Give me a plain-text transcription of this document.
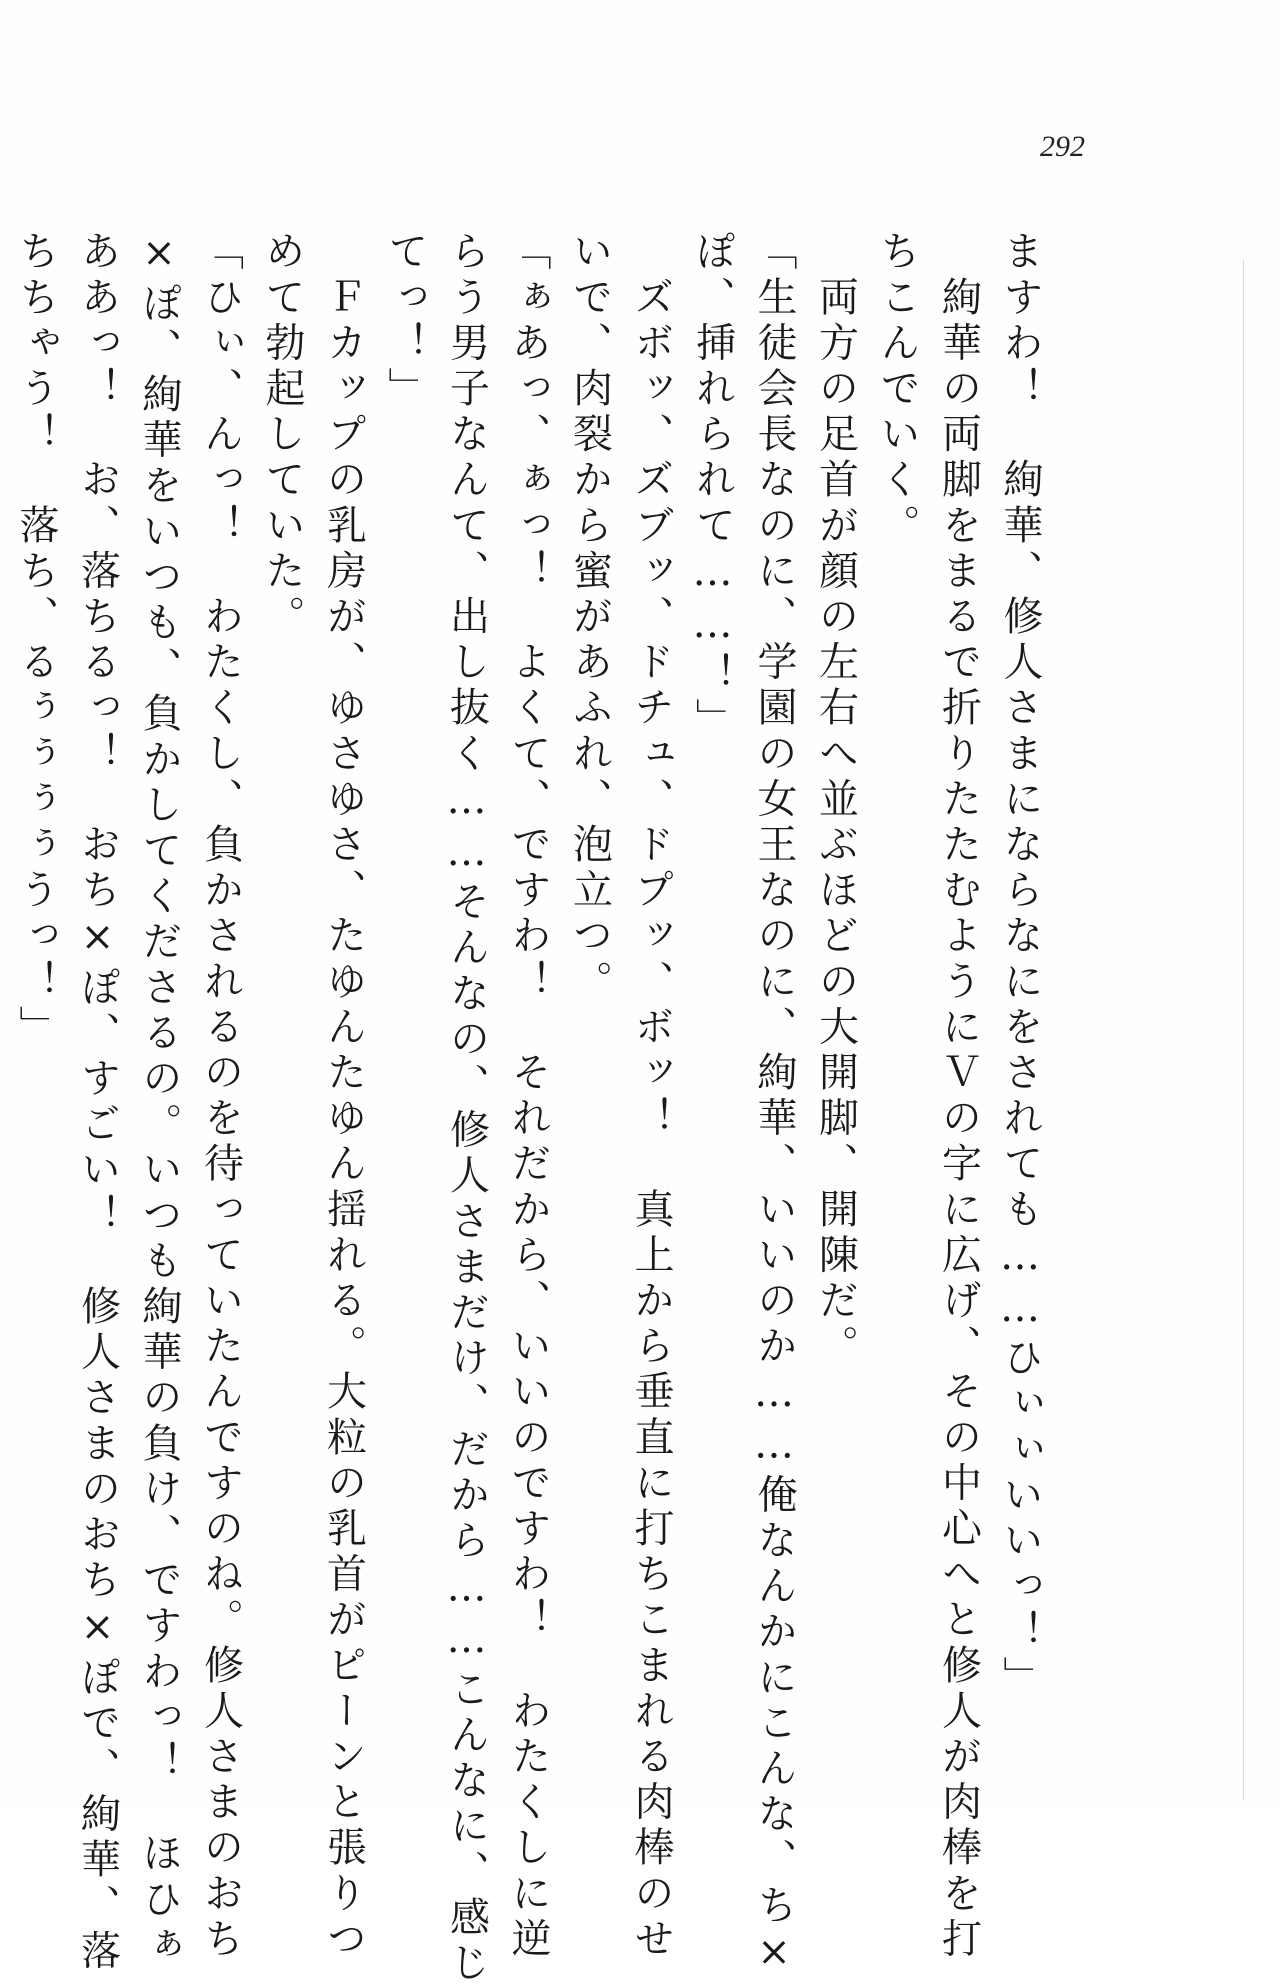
292
ますわ！　絢華、修人さまにならなにをされても……ひぃぃいいっ！」
　絢華の両脚をまるで折りたたむようにＶの字に広げ、その中心へと修人が肉棒を打
ちこんでいく。
　両方の足首が顔の左右へ並ぶほどの大開脚、開陳だ。
「生徒会長なのに、学園の女王なのに、絢華、いいのか……俺なんかにこんな、ち×
ぽ、挿れられて……！」
　ズボッ、ズブッ、ドチュ、ドプッ、ボッ！　真上から垂直に打ちこまれる肉棒のせ
いで、肉裂から蜜があふれ、泡立つ。
「ぁあっ、ぁっ！　よくて、ですわ！　それだから、いいのですわ！　わたくしに逆
らう男子なんて、出し抜く……そんなの、修人さまだけ、だから……こんなに、感じ
てっ！」
　Ｆカップの乳房が、ゆさゆさ、たゆんたゆん揺れる。大粒の乳首がピーンと張りつ
めて勃起していた。
「ひぃ、んっ！　わたくし、負かされるのを待っていたんですのね。修人さまのおち
×ぽ、絢華をいつも、負かしてくださるの。いつも絢華の負け、ですわっ！　ほひぁ
ああっ！　お、落ちるっ！　おち×ぽ、すごい！　修人さまのおち×ぽで、絢華、落
ちちゃう！　落ち、るぅぅぅぅうっ！」
